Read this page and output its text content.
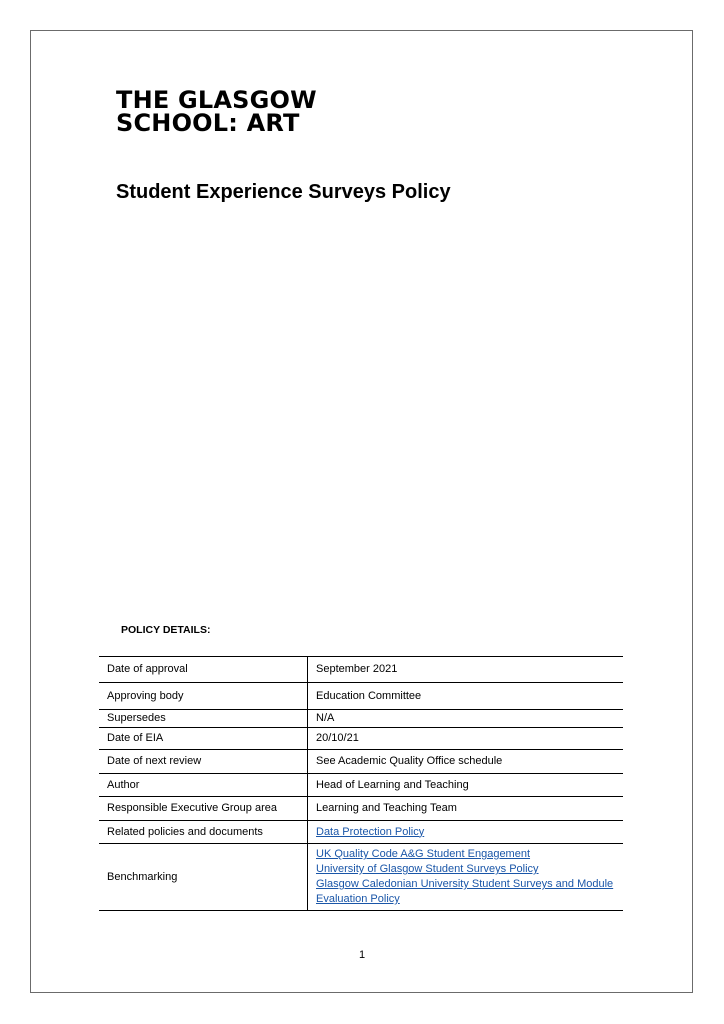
THE GLASGOW
SCHOOL: ART
Student Experience Surveys Policy
POLICY DETAILS:
Date of approval	September 2021
Approving body	Education Committee
Supersedes	N/A
Date of EIA	20/10/21
Date of next review	See Academic Quality Office schedule
Author	Head of Learning and Teaching
Responsible Executive Group area	Learning and Teaching Team
Related policies and documents	Data Protection Policy
Benchmarking	UK Quality Code A&G Student Engagement
University of Glasgow Student Surveys Policy
Glasgow Caledonian University Student Surveys and Module Evaluation Policy
1
